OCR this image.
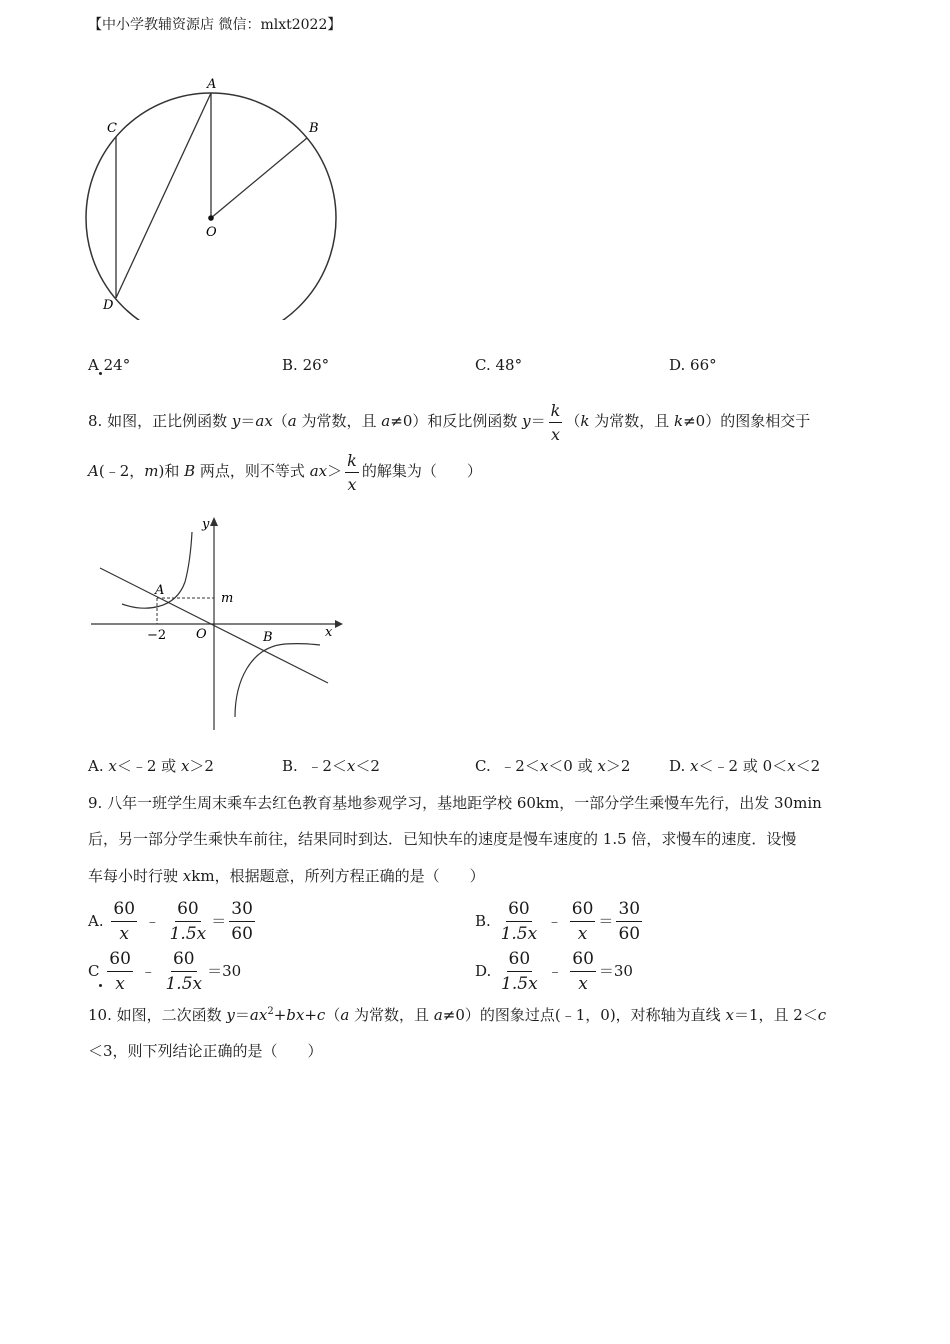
【中小学教辅资源店 微信：mlxt2022】
A
B
C
D
O
A 24°	B. 26°	C. 48°	D. 66°
8. 如图，正比例函数 y＝ax（a 为常数，且 a≠0）和反比例函数 $y= \frac{k}{x} (k$ 为常数，且 k≠0）的图象相交于
A(﹣2，m)和 B 两点，则不等式 $ax> \frac{k}{x}$ 的解集为（　　）
y
x
A
B
O
m
−2
A. x＜﹣2 或 x＞2	B. ﹣2＜x＜2	C. ﹣2＜x＜0 或 x＞2	D. x＜﹣2 或 0＜x＜2
9. 八年一班学生周末乘车去红色教育基地参观学习，基地距学校 60km，一部分学生乘慢车先行，出发 30min
后，另一部分学生乘快车前往，结果同时到达．已知快车的速度是慢车速度的 1.5 倍，求慢车的速度．设慢
车每小时行驶 xkm，根据题意，所列方程正确的是（　　）
A. $\frac{60}{x}$ ﹣ $\frac{60}{1.5x} = \frac{30}{60}$	B. $\frac{60}{1.5x}$ ﹣ $\frac{60}{x} = \frac{30}{60}$
C $\frac{60}{x}$ ﹣ $\frac{60}{1.5x} =30$	D. $\frac{60}{1.5x}$ ﹣ $\frac{60}{x} =30$
10. 如图，二次函数 $y=ax^2+bx+c(a$ 为常数，且 a≠0）的图象过点(﹣1，0)，对称轴为直线 x＝1，且 2＜c
＜3，则下列结论正确的是（　　）
